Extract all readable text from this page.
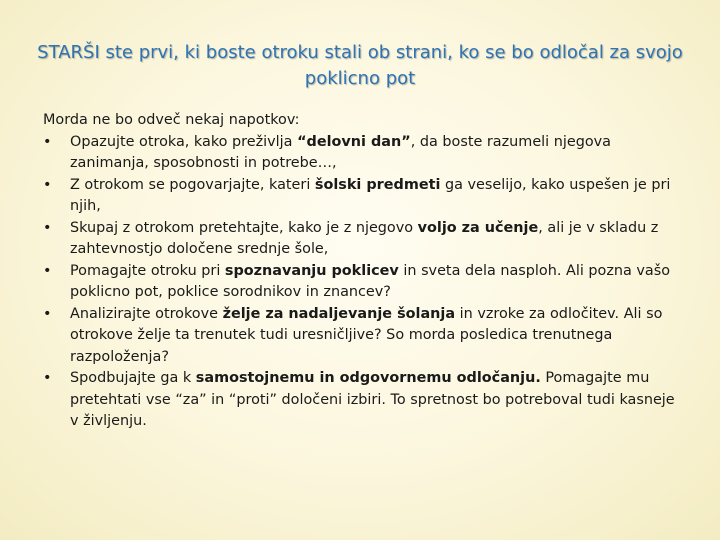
STARŠI ste prvi, ki boste otroku stali ob strani, ko se bo odločal za svojo poklicno pot

Morda ne bo odveč nekaj napotkov:

•	Opazujte otroka, kako preživlja “delovni dan”, da boste razumeli njegova zanimanja, sposobnosti in potrebe…,
•	Z otrokom se pogovarjajte, kateri šolski predmeti ga veselijo, kako uspešen je pri njih,
•	Skupaj z otrokom pretehtajte, kako je z njegovo voljo za učenje, ali je v skladu z zahtevnostjo določene srednje šole,
•	Pomagajte otroku pri spoznavanju poklicev in sveta dela nasploh. Ali pozna vašo poklicno pot, poklice sorodnikov in znancev?
•	Analizirajte otrokove želje za nadaljevanje šolanja in vzroke za odločitev. Ali so otrokove želje ta trenutek tudi uresničljive? So morda posledica trenutnega razpoloženja?
•	Spodbujajte ga k samostojnemu in odgovornemu odločanju. Pomagajte mu pretehtati vse “za” in “proti” določeni izbiri. To spretnost bo potreboval tudi kasneje v življenju.
